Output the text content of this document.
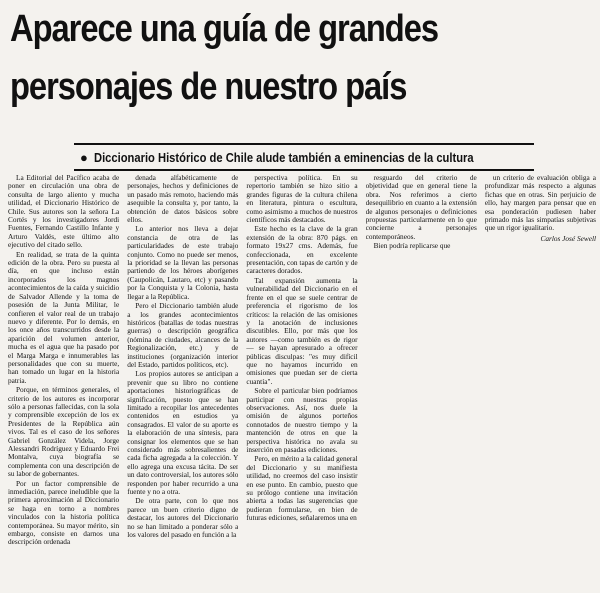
Aparece una guía de grandes
personajes de nuestro país
● Diccionario Histórico de Chile alude también a eminencias de la cultura

La Editorial del Pacífico acaba de poner en circulación una obra de consulta de largo aliento y mucha utilidad, el Diccionario Histórico de Chile. Sus autores son la señora La Cortés y los investigadores Jordi Fuentes, Fernando Castillo Infante y Arturo Valdés, este último alto ejecutivo del citado sello.

En realidad, se trata de la quinta edición de la obra. Pero su puesta al día, en que incluso están incorporados los magnos acontecimientos de la caída y suicidio de Salvador Allende y la toma de posesión de la Junta Militar, le confieren el valor real de un trabajo nuevo y diferente. Por lo demás, en los once años transcurridos desde la aparición del volumen anterior, mucha es el agua que ha pasado por el Marga Marga e innumerables las personalidades que con su muerte, han tomado un lugar en la historia patria.

Porque, en términos generales, el criterio de los autores es incorporar sólo a personas fallecidas, con la sola y comprensible excepción de los ex Presidentes de la República aún vivos. Tal es el caso de los señores Gabriel González Videla, Jorge Alessandri Rodríguez y Eduardo Frei Montalva, cuya biografía se complementa con una descripción de su labor de gobernantes.

Por un factor comprensible de inmediación, parece ineludible que la primera aproximación al Diccionario se haga en torno a nombres vinculados con la historia política contemporánea. Su mayor mérito, sin embargo, consiste en darnos una descripción ordenada

denada alfabéticamente de personajes, hechos y definiciones de un pasado más remoto, haciendo más asequible la consulta y, por tanto, la obtención de datos básicos sobre ellos.

Lo anterior nos lleva a dejar constancia de otra de las particularidades de este trabajo conjunto. Como no puede ser menos, la prioridad se la llevan las personas partiendo de los héroes aborígenes (Caupolicán, Lautaro, etc) y pasando por la Conquista y la Colonia, hasta llegar a la República.

Pero el Diccionario también alude a los grandes acontecimientos históricos (batallas de todas nuestras guerras) o descripción geográfica (nómina de ciudades, alcances de la Regionalización, etc.) y de instituciones (organización interior del Estado, partidos políticos, etc).

Los propios autores se anticipan a prevenir que su libro no contiene aportaciones historiográficas de significación, puesto que se han limitado a recopilar los antecedentes contenidos en estudios ya consagrados. El valor de su aporte es la elaboración de una síntesis, para consignar los elementos que se han considerado más sobresalientes de cada ficha agregada a la colección. Y ello agrega una excusa tácita. De ser un dato controversial, los autores sólo responden por haber recurrido a una fuente y no a otra.

De otra parte, con lo que nos parece un buen criterio digno de destacar, los autores del Diccionario no se han limitado a ponderar sólo a los valores del pasado en función a la

perspectiva política. En su repertorio también se hizo sitio a grandes figuras de la cultura chilena en literatura, pintura o escultura, como asimismo a muchos de nuestros científicos más destacados.

Este hecho es la clave de la gran extensión de la obra: 870 págs. en formato 19x27 cms. Además, fue confeccionada, en excelente presentación, con tapas de cartón y de caracteres dorados.

Tal expansión aumenta la vulnerabilidad del Diccionario en el frente en el que se suele centrar de preferencia el rigorismo de los críticos: la relación de las omisiones y la anotación de inclusiones discutibles. Ello, por más que los autores —como también es de rigor— se hayan apresurado a ofrecer públicas disculpas: "es muy difícil que no hayamos incurrido en omisiones que puedan ser de cierta cuantía".

Sobre el particular bien podríamos participar con nuestras propias observaciones. Así, nos duele la omisión de algunos porteños connotados de nuestro tiempo y la mantención de otros en que la perspectiva histórica no avala su inserción en pasadas ediciones.

Pero, en mérito a la calidad general del Diccionario y su manifiesta utilidad, no creemos del caso insistir en ese punto. En cambio, puesto que su prólogo contiene una invitación abierta a todas las sugerencias que pudieran formularse, en bien de futuras ediciones, señalaremos una en

resguardo del criterio de objetividad que en general tiene la obra. Nos referimos a cierto desequilibrio en cuanto a la extensión de algunos personajes o definiciones propuestas particularmente en lo que concierne a personajes contemporáneos.

Bien podría replicarse que

un criterio de evaluación obliga a profundizar más respecto a algunas fichas que en otras. Sin perjuicio de ello, hay margen para pensar que en esa ponderación pudiesen haber primado más las simpatías subjetivas que un rigor igualitario.

Carlos José Sewell
